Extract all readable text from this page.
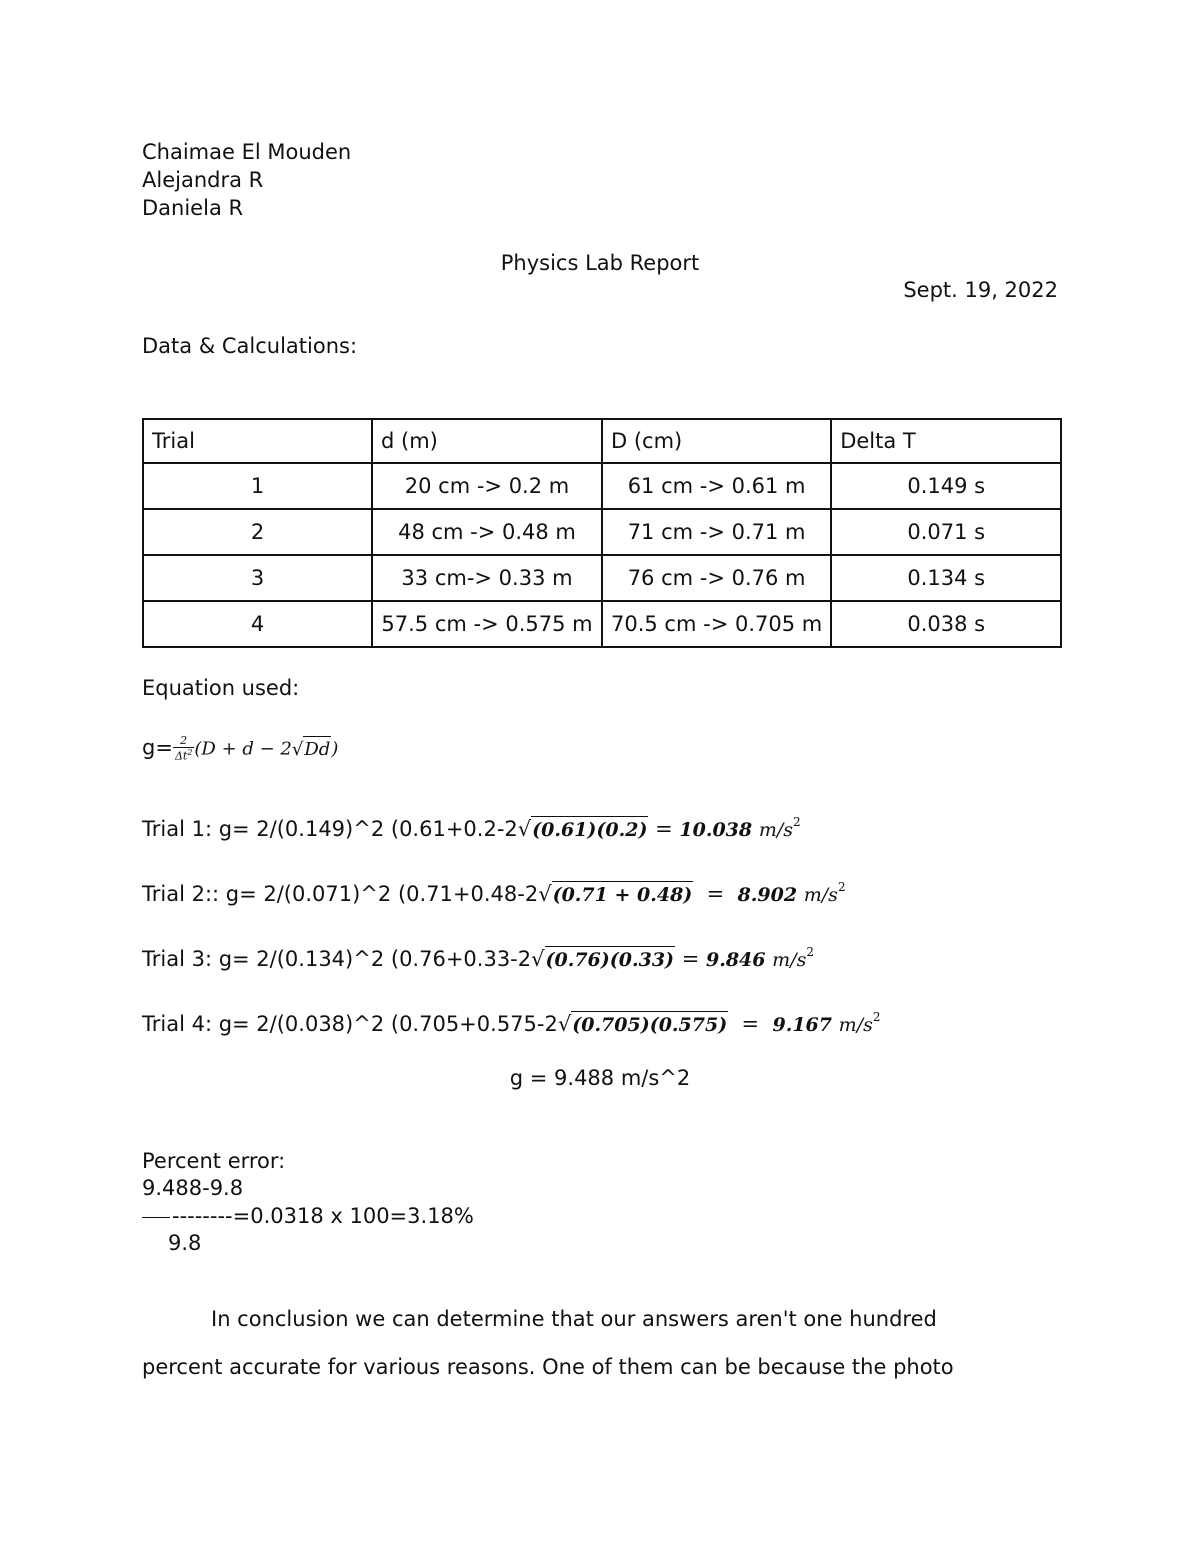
Chaimae El Mouden
Alejandra R
Daniela R
Physics Lab Report
Sept. 19, 2022
Data & Calculations:
Trial	d (m)	D (cm)	Delta T
1	20 cm -> 0.2 m	61 cm -> 0.61 m	0.149 s
2	48 cm -> 0.48 m	71 cm -> 0.71 m	0.071 s
3	33 cm-> 0.33 m	76 cm -> 0.76 m	0.134 s
4	57.5 cm -> 0.575 m	70.5 cm -> 0.705 m	0.038 s
Equation used:
$g= \frac{2}{\Delta t^2} (D + d - 2√Dd)$
Trial 1: g= 2/(0.149)^2 (0.61+0.2-2√(0.61)(0.2) = 10.038 $m/s^2$
Trial 2:: g= 2/(0.071)^2 (0.71+0.48-2√(0.71 + 0.48)  =  8.902 $m/s^2$
Trial 3: g= 2/(0.134)^2 (0.76+0.33-2√(0.76)(0.33) = 9.846 $m/s^2$
Trial 4: g= 2/(0.038)^2 (0.705+0.575-2√(0.705)(0.575)  =  9.167 $m/s^2$
g = 9.488 m/s^2
Percent error:
9.488-9.8
--------=0.0318 x 100=3.18%
9.8
In conclusion we can determine that our answers aren't one hundred
percent accurate for various reasons. One of them can be because the photo
